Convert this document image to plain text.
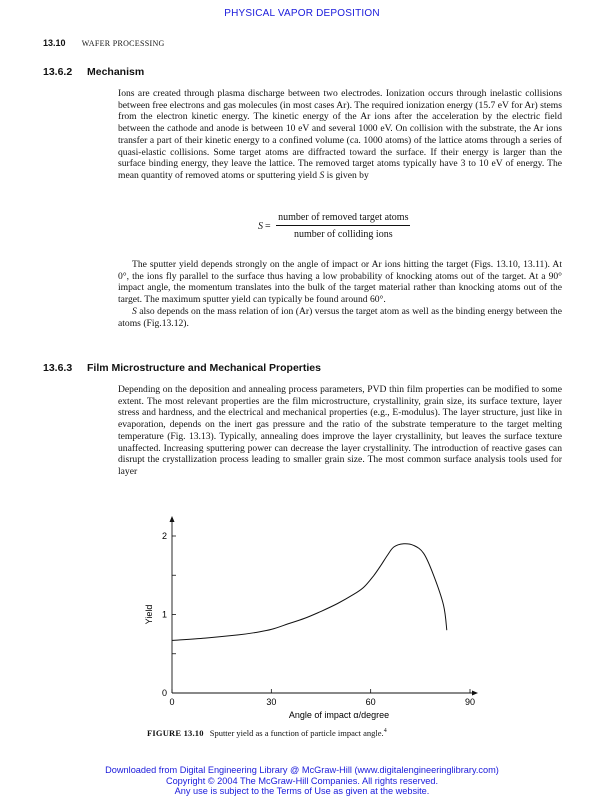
PHYSICAL VAPOR DEPOSITION
13.10 WAFER PROCESSING
13.6.2 Mechanism

Ions are created through plasma discharge between two electrodes. Ionization occurs through inelastic collisions between free electrons and gas molecules (in most cases Ar). The required ionization energy (15.7 eV for Ar) stems from the electron kinetic energy. The kinetic energy of the Ar ions after the acceleration by the electric field between the cathode and anode is between 10 eV and several 1000 eV. On collision with the substrate, the Ar ions transfer a part of their kinetic energy to a confined volume (ca. 1000 atoms) of the lattice atoms through a series of quasi-elastic collisions. Some target atoms are diffracted toward the surface. If their energy is larger than the surface binding energy, they leave the lattice. The removed target atoms typically have 3 to 10 eV of energy. The mean quantity of removed atoms or sputtering yield S is given by

$S = \frac{\text{number of removed target atoms}}{\text{number of colliding ions}}$

The sputter yield depends strongly on the angle of impact or Ar ions hitting the target (Figs. 13.10, 13.11). At 0°, the ions fly parallel to the surface thus having a low probability of knocking atoms out of the target. At a 90° impact angle, the momentum translates into the bulk of the target material rather than knocking atoms out of the target. The maximum sputter yield can typically be found around 60°.

S also depends on the mass relation of ion (Ar) versus the target atom as well as the binding energy between the atoms (Fig.13.12).

13.6.3 Film Microstructure and Mechanical Properties

Depending on the deposition and annealing process parameters, PVD thin film properties can be modified to some extent. The most relevant properties are the film microstructure, crystallinity, grain size, its surface texture, layer stress and hardness, and the electrical and mechanical properties (e.g., E-modulus). The layer structure, just like in evaporation, depends on the inert gas pressure and the ratio of the substrate temperature to the target melting temperature (Fig. 13.13). Typically, annealing does improve the layer crystallinity, but leaves the surface texture unaffected. Increasing sputtering power can decrease the layer crystallinity. The introduction of reactive gases can disrupt the crystallization process leading to smaller grain size. The most common surface analysis tools used for layer

0	30	60	90
0
1
2
Angle of impact α/degree
Yield
FIGURE 13.10 Sputter yield as a function of particle impact angle.$^4$
Downloaded from Digital Engineering Library @ McGraw-Hill (www.digitalengineeringlibrary.com)
Copyright © 2004 The McGraw-Hill Companies. All rights reserved.
Any use is subject to the Terms of Use as given at the website.
